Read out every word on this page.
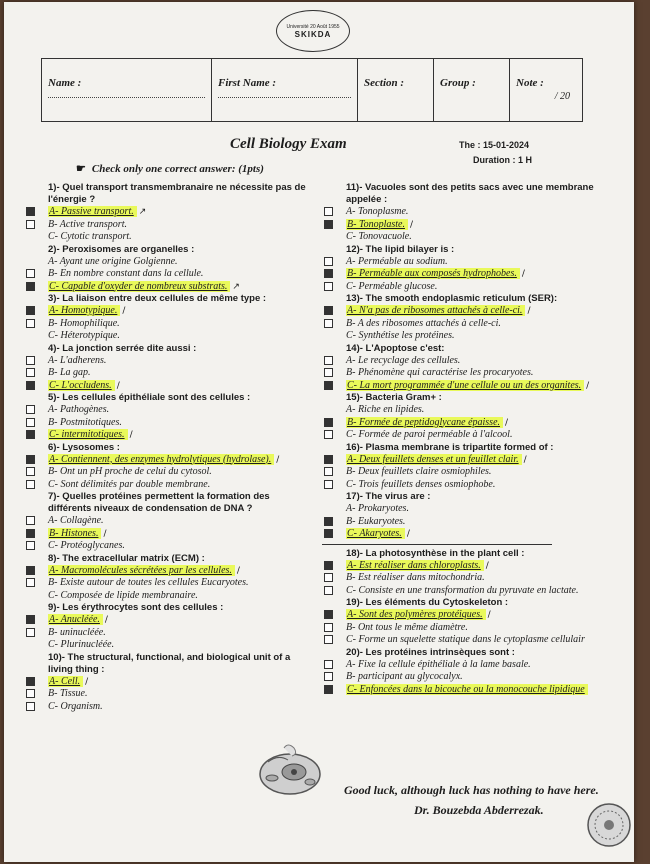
Université 20 Août 1955
SKIKDA
Name :	First Name :	Section :	Group :	Note :
/ 20
Cell Biology Exam	The : 15-01-2024
Duration : 1 H
☛ Check only one correct answer: (1pts)
1)- Quel transport transmembranaire ne nécessite pas de
l'énergie ?
A- Passive transport. ↗
B- Active transport.
C- Cytotic transport.
2)- Peroxisomes are organelles :
A- Ayant une origine Golgienne.
B- En nombre constant dans la cellule.
C- Capable d'oxyder de nombreux substrats. ↗
3)- La liaison entre deux cellules de même type :
A- Homotypique. /
B- Homophilique.
C- Héterotypique.
4)- La jonction serrée dite aussi :
A- L'adherens.
B- La gap.
C- L'occludens. /
5)- Les cellules épithéliale sont des cellules :
A- Pathogènes.
B- Postmitotiques.
C- intermitotiques. /
6)- Lysosomes :
A- Contiennent, des enzymes hydrolytiques (hydrolase). /
B- Ont un pH proche de celui du cytosol.
C- Sont délimités par double membrane.
7)- Quelles protéines permettent la formation des
différents niveaux de condensation de DNA ?
A- Collagène.
B- Histones. /
C- Protéoglycanes.
8)- The extracellular matrix (ECM) :
A- Macromolécules sécrétées par les cellules. /
B- Existe autour de toutes les cellules Eucaryotes.
C- Composée de lipide membranaire.
9)- Les érythrocytes sont des cellules :
A- Anucléée. /
B- uninucléée.
C- Plurinucléée.
10)- The structural, functional, and biological unit of a
living thing :
A- Cell. /
B- Tissue.
C- Organism.
11)- Vacuoles sont des petits sacs avec une membrane
appelée :
A- Tonoplasme.
B- Tonoplaste. /
C- Tonovacuole.
12)- The lipid bilayer is :
A- Perméable au sodium.
B- Perméable aux composés hydrophobes. /
C- Perméable glucose.
13)- The smooth endoplasmic reticulum (SER):
A- N'a pas de ribosomes attachés à celle-ci. /
B- A des ribosomes attachés à celle-ci.
C- Synthétise les protéines.
14)- L'Apoptose c'est:
A- Le recyclage des cellules.
B- Phénomène qui caractérise les procaryotes.
C- La mort programmée d'une cellule ou un des organites. /
15)- Bacteria Gram+ :
A- Riche en lipides.
B- Formée de peptidoglycane épaisse. /
C- Formée de paroi perméable à l'alcool.
16)- Plasma membrane is tripartite formed of :
A- Deux feuillets denses et un feuillet clair. /
B- Deux feuillets claire osmiophiles.
C- Trois feuillets denses osmiophobe.
17)- The virus are :
A- Prokaryotes.
B- Eukaryotes.
C- Akaryotes. /
18)- La photosynthèse in the plant cell :
A- Est réaliser dans chloroplasts. /
B- Est réaliser dans mitochondria.
C- Consiste en une transformation du pyruvate en lactate.
19)- Les éléments du Cytoskeleton :
A- Sont des polymères protéiques. /
B- Ont tous le même diamètre.
C- Forme un squelette statique dans le cytoplasme cellulair
20)- Les protéines intrinsèques sont :
A- Fixe la cellule épithéliale à la lame basale.
B- participant au glycocalyx.
C- Enfoncées dans la bicouche ou la monocouche lipidique
Good luck, although luck has nothing to have here.
Dr. Bouzebda Abderrezak.
